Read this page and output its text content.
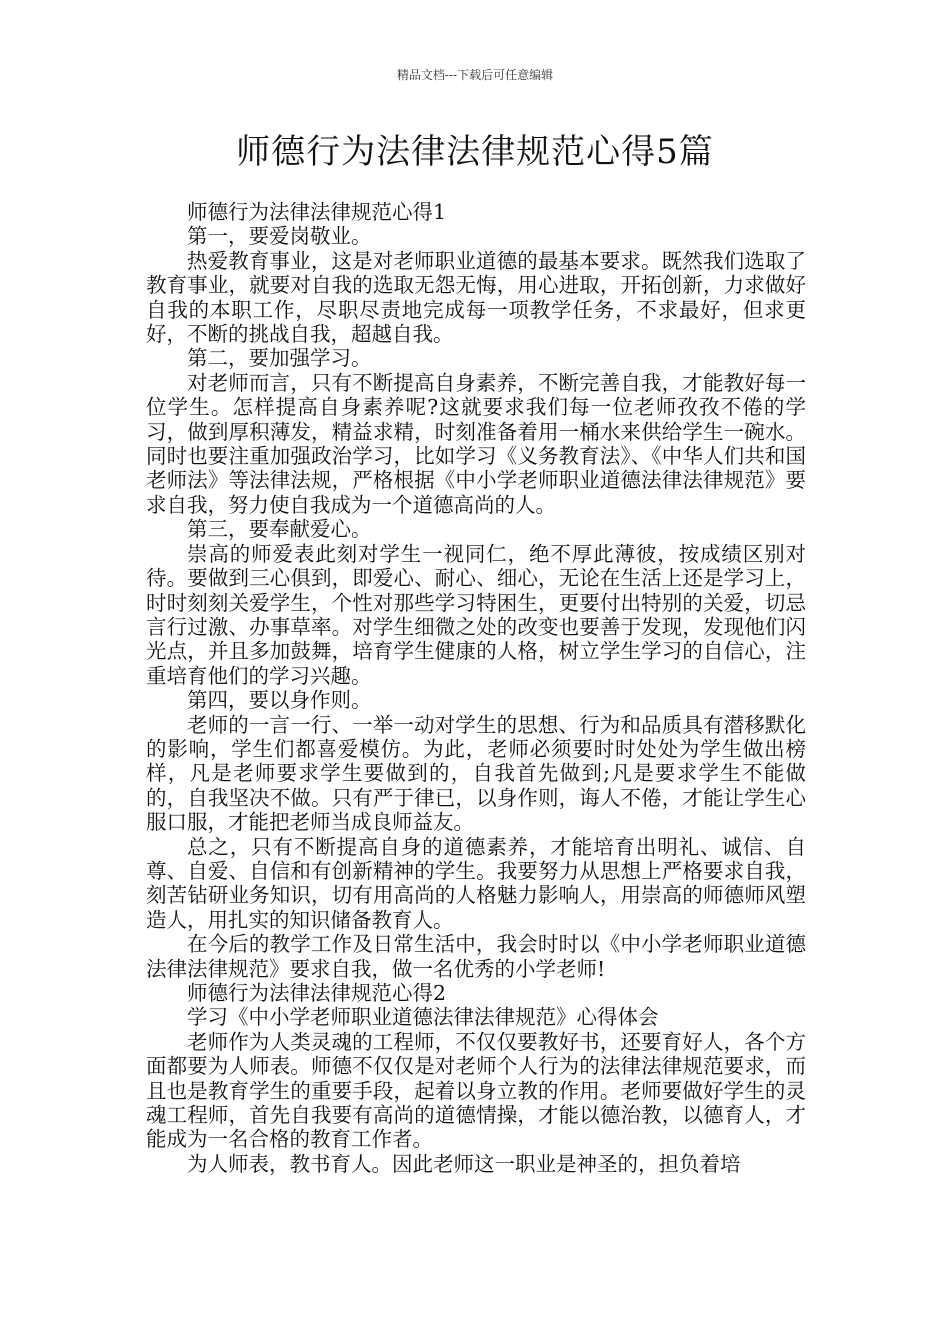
精品文档---下载后可任意编辑
师德行为法律法律规范心得5篇

师德行为法律法律规范心得1

第一，要爱岗敬业。

热爱教育事业，这是对老师职业道德的最基本要求。既然我们选取了教育事业，就要对自我的选取无怨无悔，用心进取，开拓创新，力求做好自我的本职工作，尽职尽责地完成每一项教学任务，不求最好，但求更好，不断的挑战自我，超越自我。

第二，要加强学习。

对老师而言，只有不断提高自身素养，不断完善自我，才能教好每一位学生。怎样提高自身素养呢?这就要求我们每一位老师孜孜不倦的学习，做到厚积薄发，精益求精，时刻准备着用一桶水来供给学生一碗水。同时也要注重加强政治学习，比如学习《义务教育法》、《中华人们共和国老师法》等法律法规，严格根据《中小学老师职业道德法律法律规范》要求自我，努力使自我成为一个道德高尚的人。

第三，要奉献爱心。

崇高的师爱表此刻对学生一视同仁，绝不厚此薄彼，按成绩区别对待。要做到三心俱到，即爱心、耐心、细心，无论在生活上还是学习上，时时刻刻关爱学生，个性对那些学习特困生，更要付出特别的关爱，切忌言行过激、办事草率。对学生细微之处的改变也要善于发现，发现他们闪光点，并且多加鼓舞，培育学生健康的人格，树立学生学习的自信心，注重培育他们的学习兴趣。

第四，要以身作则。

老师的一言一行、一举一动对学生的思想、行为和品质具有潜移默化的影响，学生们都喜爱模仿。为此，老师必须要时时处处为学生做出榜样，凡是老师要求学生要做到的，自我首先做到;凡是要求学生不能做的，自我坚决不做。只有严于律已，以身作则，诲人不倦，才能让学生心服口服，才能把老师当成良师益友。

总之，只有不断提高自身的道德素养，才能培育出明礼、诚信、自尊、自爱、自信和有创新精神的学生。我要努力从思想上严格要求自我，刻苦钻研业务知识，切有用高尚的人格魅力影响人，用崇高的师德师风塑造人，用扎实的知识储备教育人。

在今后的教学工作及日常生活中，我会时时以《中小学老师职业道德法律法律规范》要求自我，做一名优秀的小学老师!

师德行为法律法律规范心得2

学习《中小学老师职业道德法律法律规范》心得体会

老师作为人类灵魂的工程师，不仅仅要教好书，还要育好人，各个方面都要为人师表。师德不仅仅是对老师个人行为的法律法律规范要求，而且也是教育学生的重要手段，起着以身立教的作用。老师要做好学生的灵魂工程师，首先自我要有高尚的道德情操，才能以德治教，以德育人，才能成为一名合格的教育工作者。

为人师表，教书育人。因此老师这一职业是神圣的，担负着培
